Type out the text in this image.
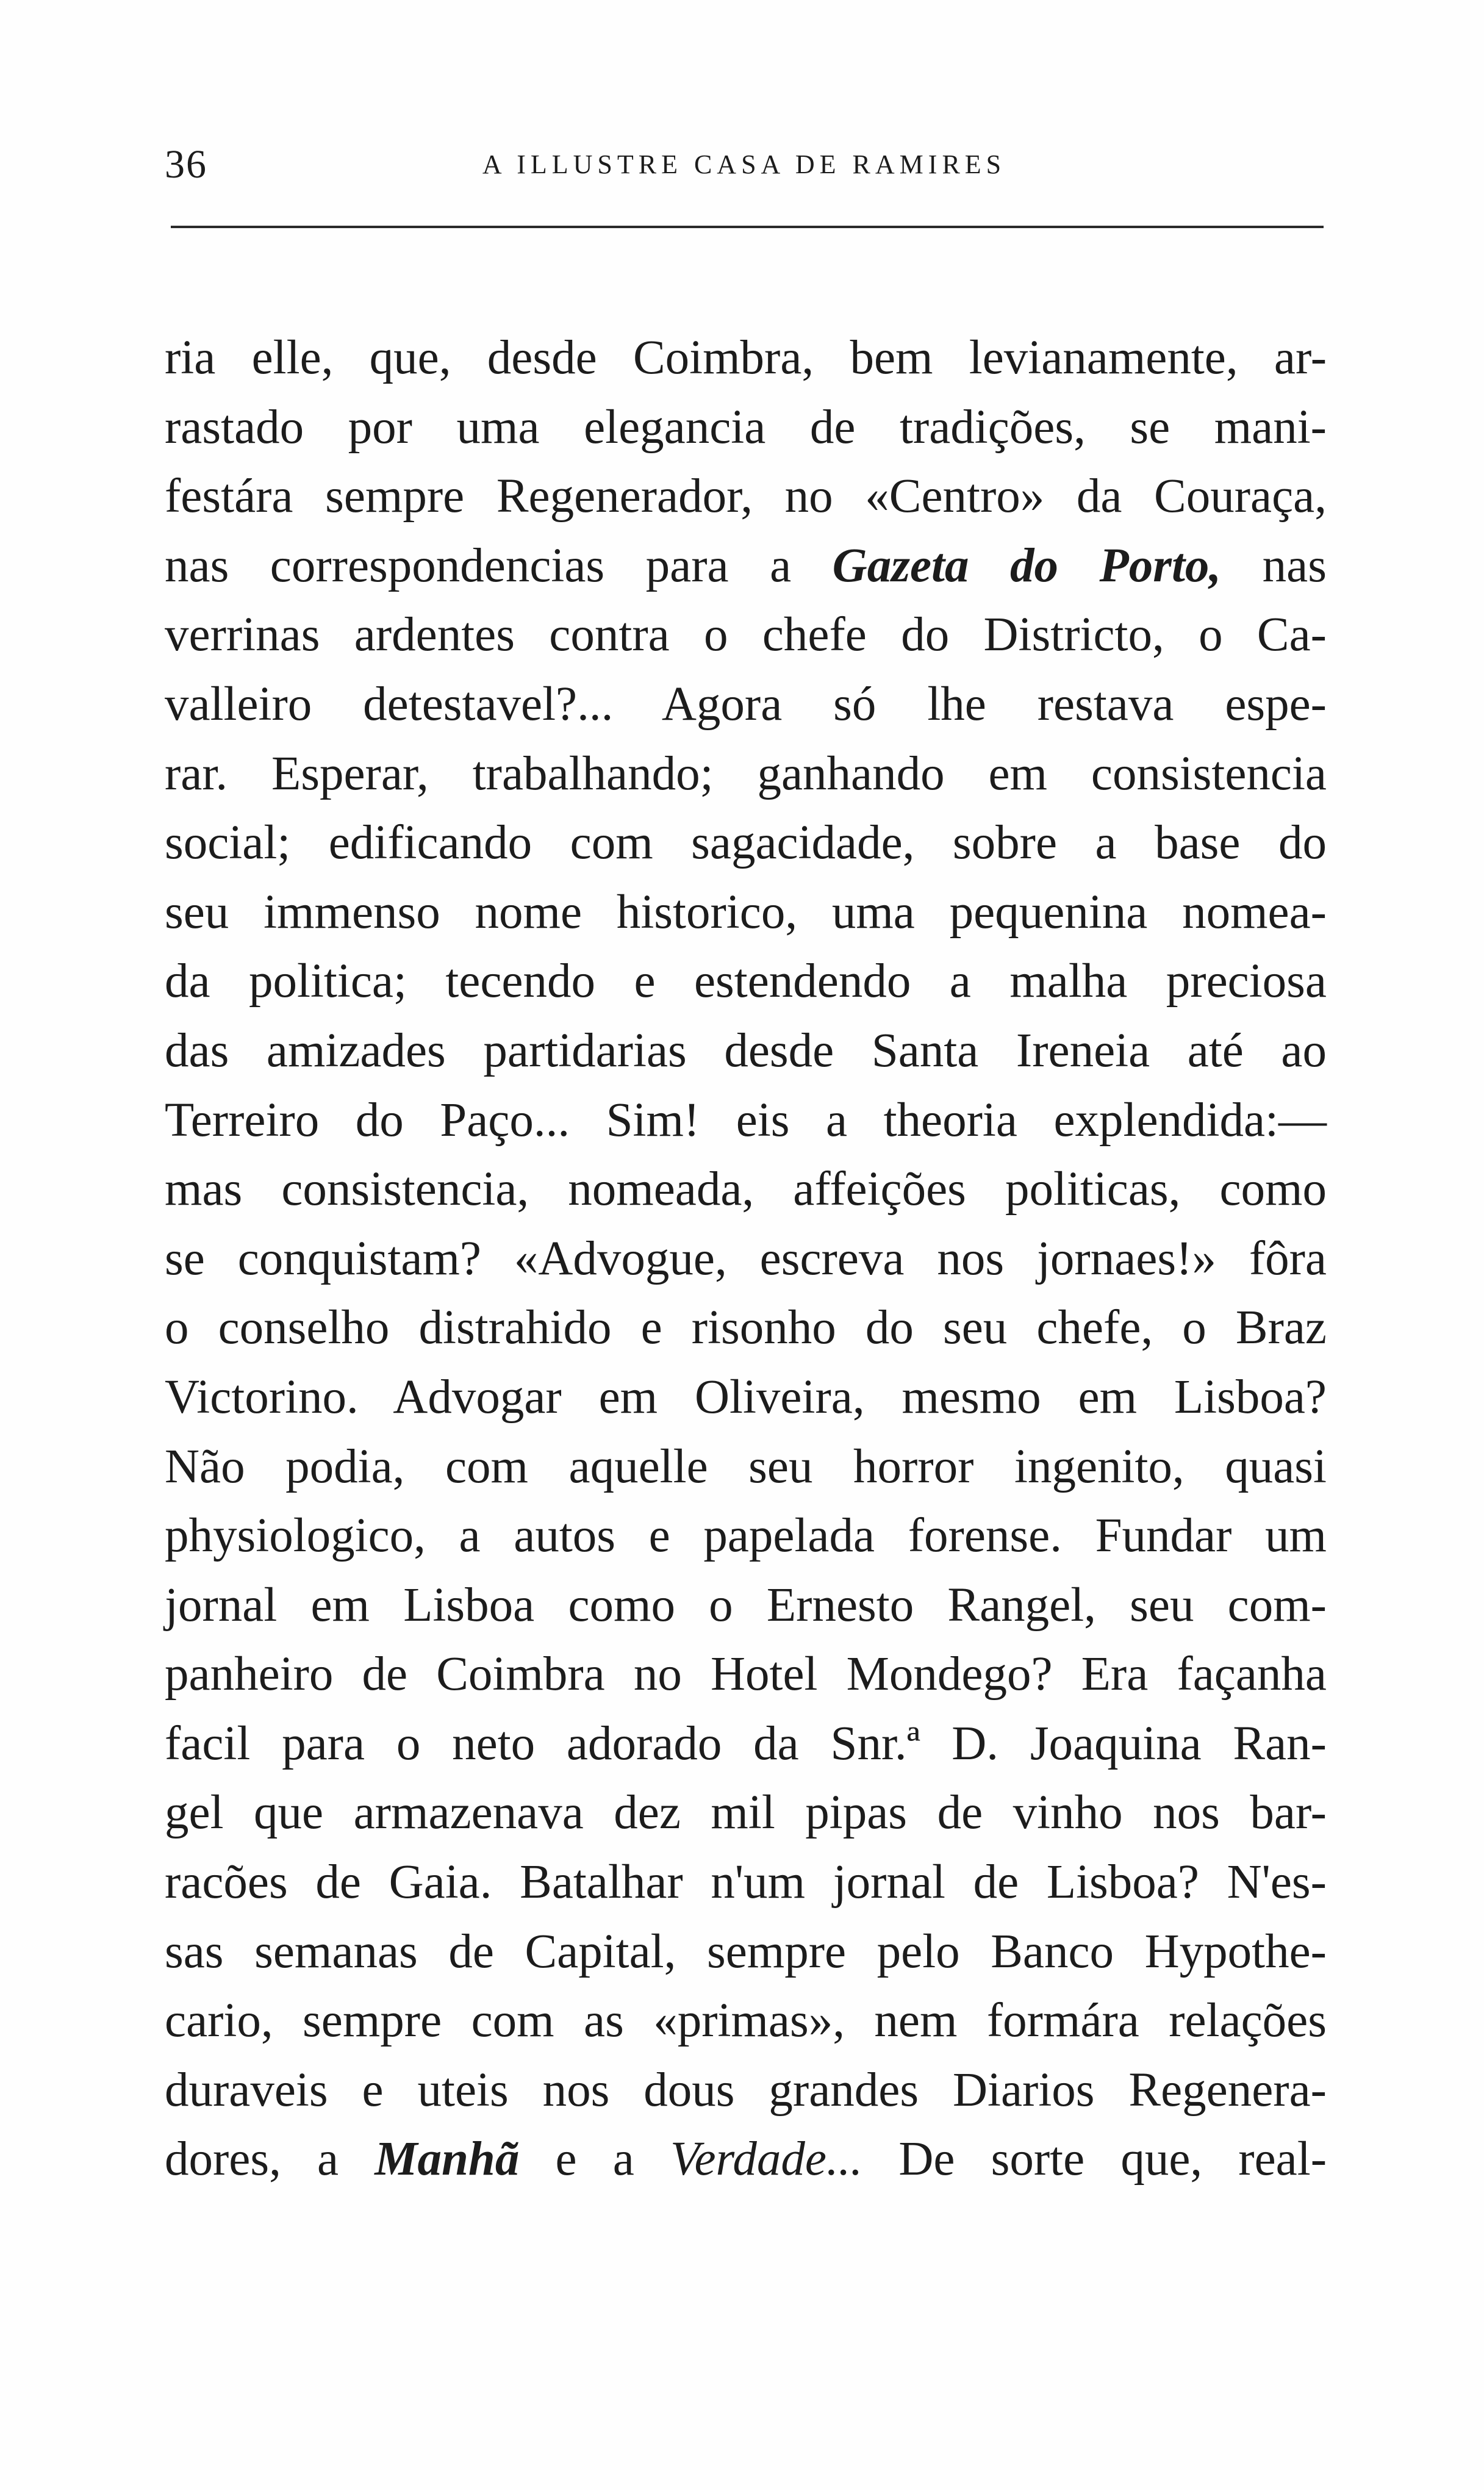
36	A ILLUSTRE CASA DE RAMIRES
ria elle, que, desde Coimbra, bem levianamente, ar-
rastado por uma elegancia de tradições, se mani-
festára sempre Regenerador, no «Centro» da Couraça,
nas correspondencias para a Gazeta do Porto, nas
verrinas ardentes contra o chefe do Districto, o Ca-
valleiro detestavel?... Agora só lhe restava espe-
rar. Esperar, trabalhando; ganhando em consistencia
social; edificando com sagacidade, sobre a base do
seu immenso nome historico, uma pequenina nomea-
da politica; tecendo e estendendo a malha preciosa
das amizades partidarias desde Santa Ireneia até ao
Terreiro do Paço... Sim! eis a theoria explendida:—
mas consistencia, nomeada, affeições politicas, como
se conquistam? «Advogue, escreva nos jornaes!» fôra
o conselho distrahido e risonho do seu chefe, o Braz
Victorino. Advogar em Oliveira, mesmo em Lisboa?
Não podia, com aquelle seu horror ingenito, quasi
physiologico, a autos e papelada forense. Fundar um
jornal em Lisboa como o Ernesto Rangel, seu com-
panheiro de Coimbra no Hotel Mondego? Era façanha
facil para o neto adorado da Snr.ª D. Joaquina Ran-
gel que armazenava dez mil pipas de vinho nos bar-
racões de Gaia. Batalhar n'um jornal de Lisboa? N'es-
sas semanas de Capital, sempre pelo Banco Hypothe-
cario, sempre com as «primas», nem formára relações
duraveis e uteis nos dous grandes Diarios Regenera-
dores, a Manhã e a Verdade... De sorte que, real-
